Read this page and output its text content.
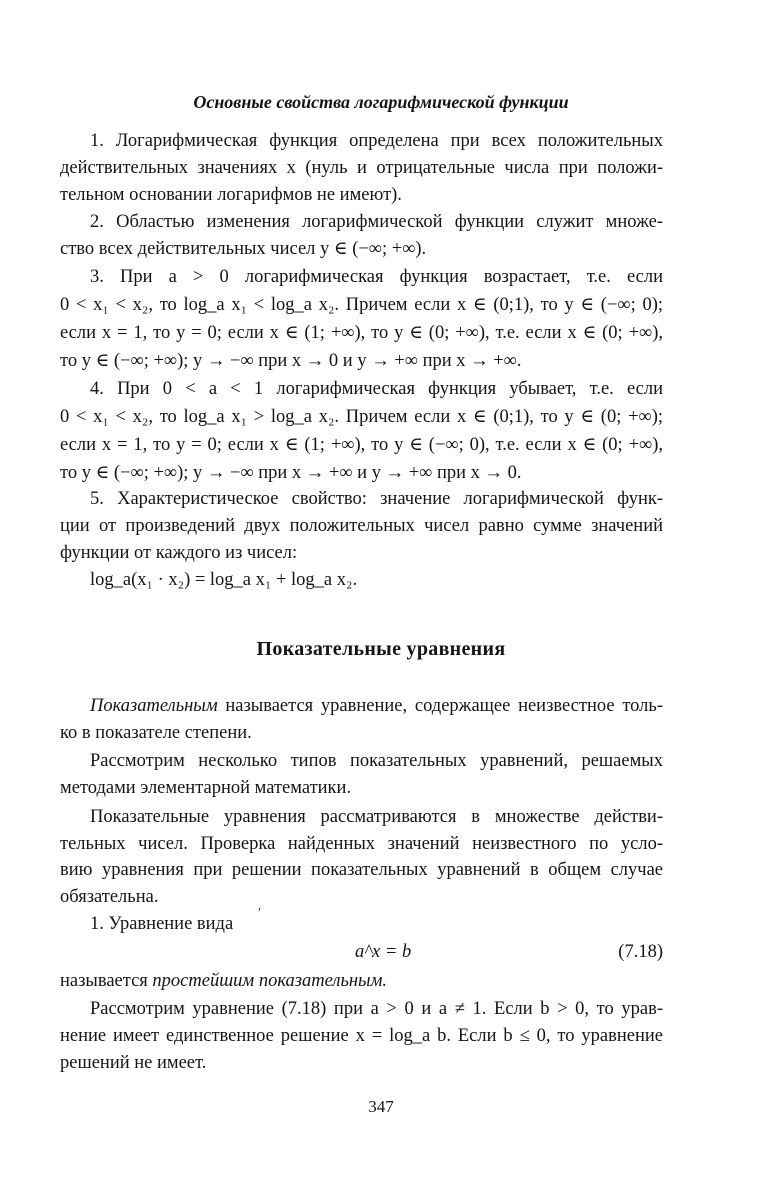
Основные свойства логарифмической функции
1. Логарифмическая функция определена при всех положительных
действительных значениях x (нуль и отрицательные числа при положи-
тельном основании логарифмов не имеют).
2. Областью изменения логарифмической функции служит множе-
ство всех действительных чисел y ∈ (−∞; +∞).
3. При a > 0 логарифмическая функция возрастает, т.е. если
0 < x₁ < x₂, то log_a x₁ < log_a x₂. Причем если x ∈ (0;1), то y ∈ (−∞; 0);
если x = 1, то y = 0; если x ∈ (1; +∞), то y ∈ (0; +∞), т.е. если x ∈ (0; +∞),
то y ∈ (−∞; +∞); y → −∞ при x → 0 и y → +∞ при x → +∞.
4. При 0 < a < 1 логарифмическая функция убывает, т.е. если
0 < x₁ < x₂, то log_a x₁ > log_a x₂. Причем если x ∈ (0;1), то y ∈ (0; +∞);
если x = 1, то y = 0; если x ∈ (1; +∞), то y ∈ (−∞; 0), т.е. если x ∈ (0; +∞),
то y ∈ (−∞; +∞); y → −∞ при x → +∞ и y → +∞ при x → 0.
5. Характеристическое свойство: значение логарифмической функ-
ции от произведений двух положительных чисел равно сумме значений
функции от каждого из чисел:
log_a(x₁ · x₂) = log_a x₁ + log_a x₂.
Показательные уравнения
Показательным называется уравнение, содержащее неизвестное толь-
ко в показателе степени.
Рассмотрим несколько типов показательных уравнений, решаемых
методами элементарной математики.
Показательные уравнения рассматриваются в множестве действи-
тельных чисел. Проверка найденных значений неизвестного по усло-
вию уравнения при решении показательных уравнений в общем случае
обязательна.
1. Уравнение вида
′
a^x = b	(7.18)
называется простейшим показательным.
Рассмотрим уравнение (7.18) при a > 0 и a ≠ 1. Если b > 0, то урав-
нение имеет единственное решение x = log_a b. Если b ≤ 0, то уравнение
решений не имеет.
347
